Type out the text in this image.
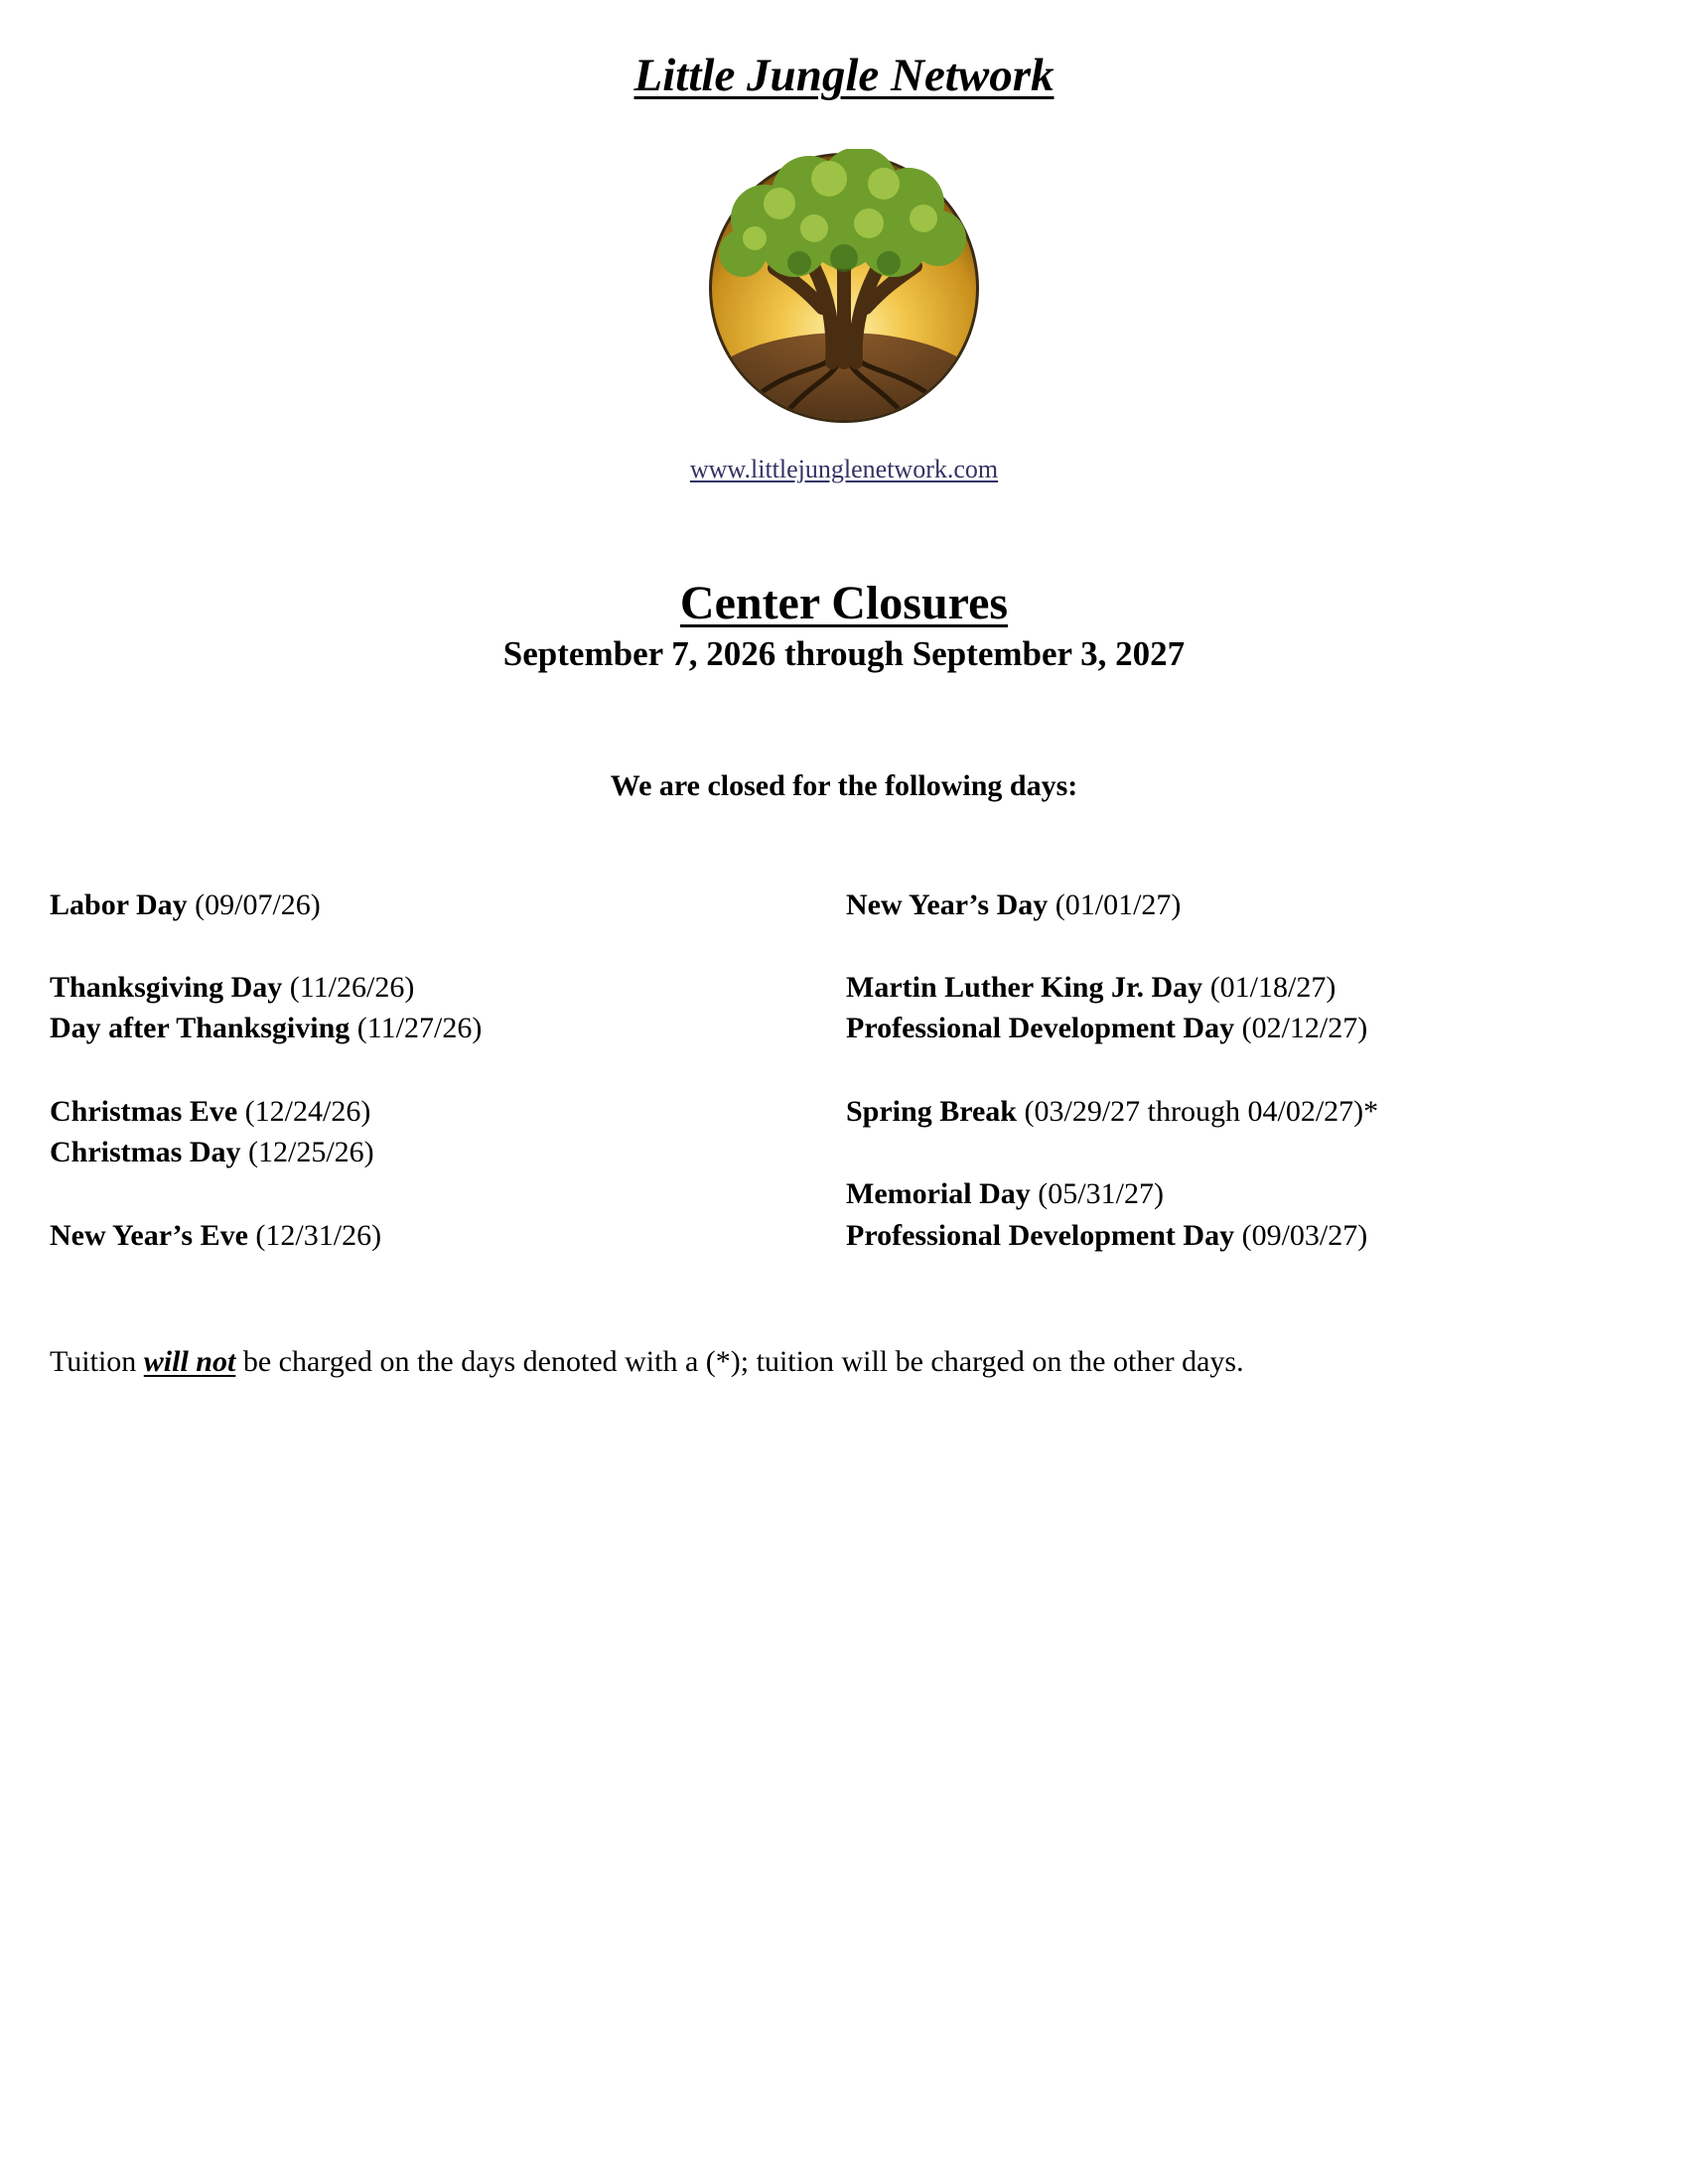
Little Jungle Network
www.littlejunglenetwork.com
Center Closures
September 7, 2026 through September 3, 2027
We are closed for the following days:
Labor Day (09/07/26)
Thanksgiving Day (11/26/26)
Day after Thanksgiving (11/27/26)
Christmas Eve (12/24/26)
Christmas Day (12/25/26)
New Year’s Eve (12/31/26)
New Year’s Day (01/01/27)
Martin Luther King Jr. Day (01/18/27)
Professional Development Day (02/12/27)
Spring Break (03/29/27 through 04/02/27)*
Memorial Day (05/31/27)
Professional Development Day (09/03/27)
Tuition will not be charged on the days denoted with a (*); tuition will be charged on the other days.
